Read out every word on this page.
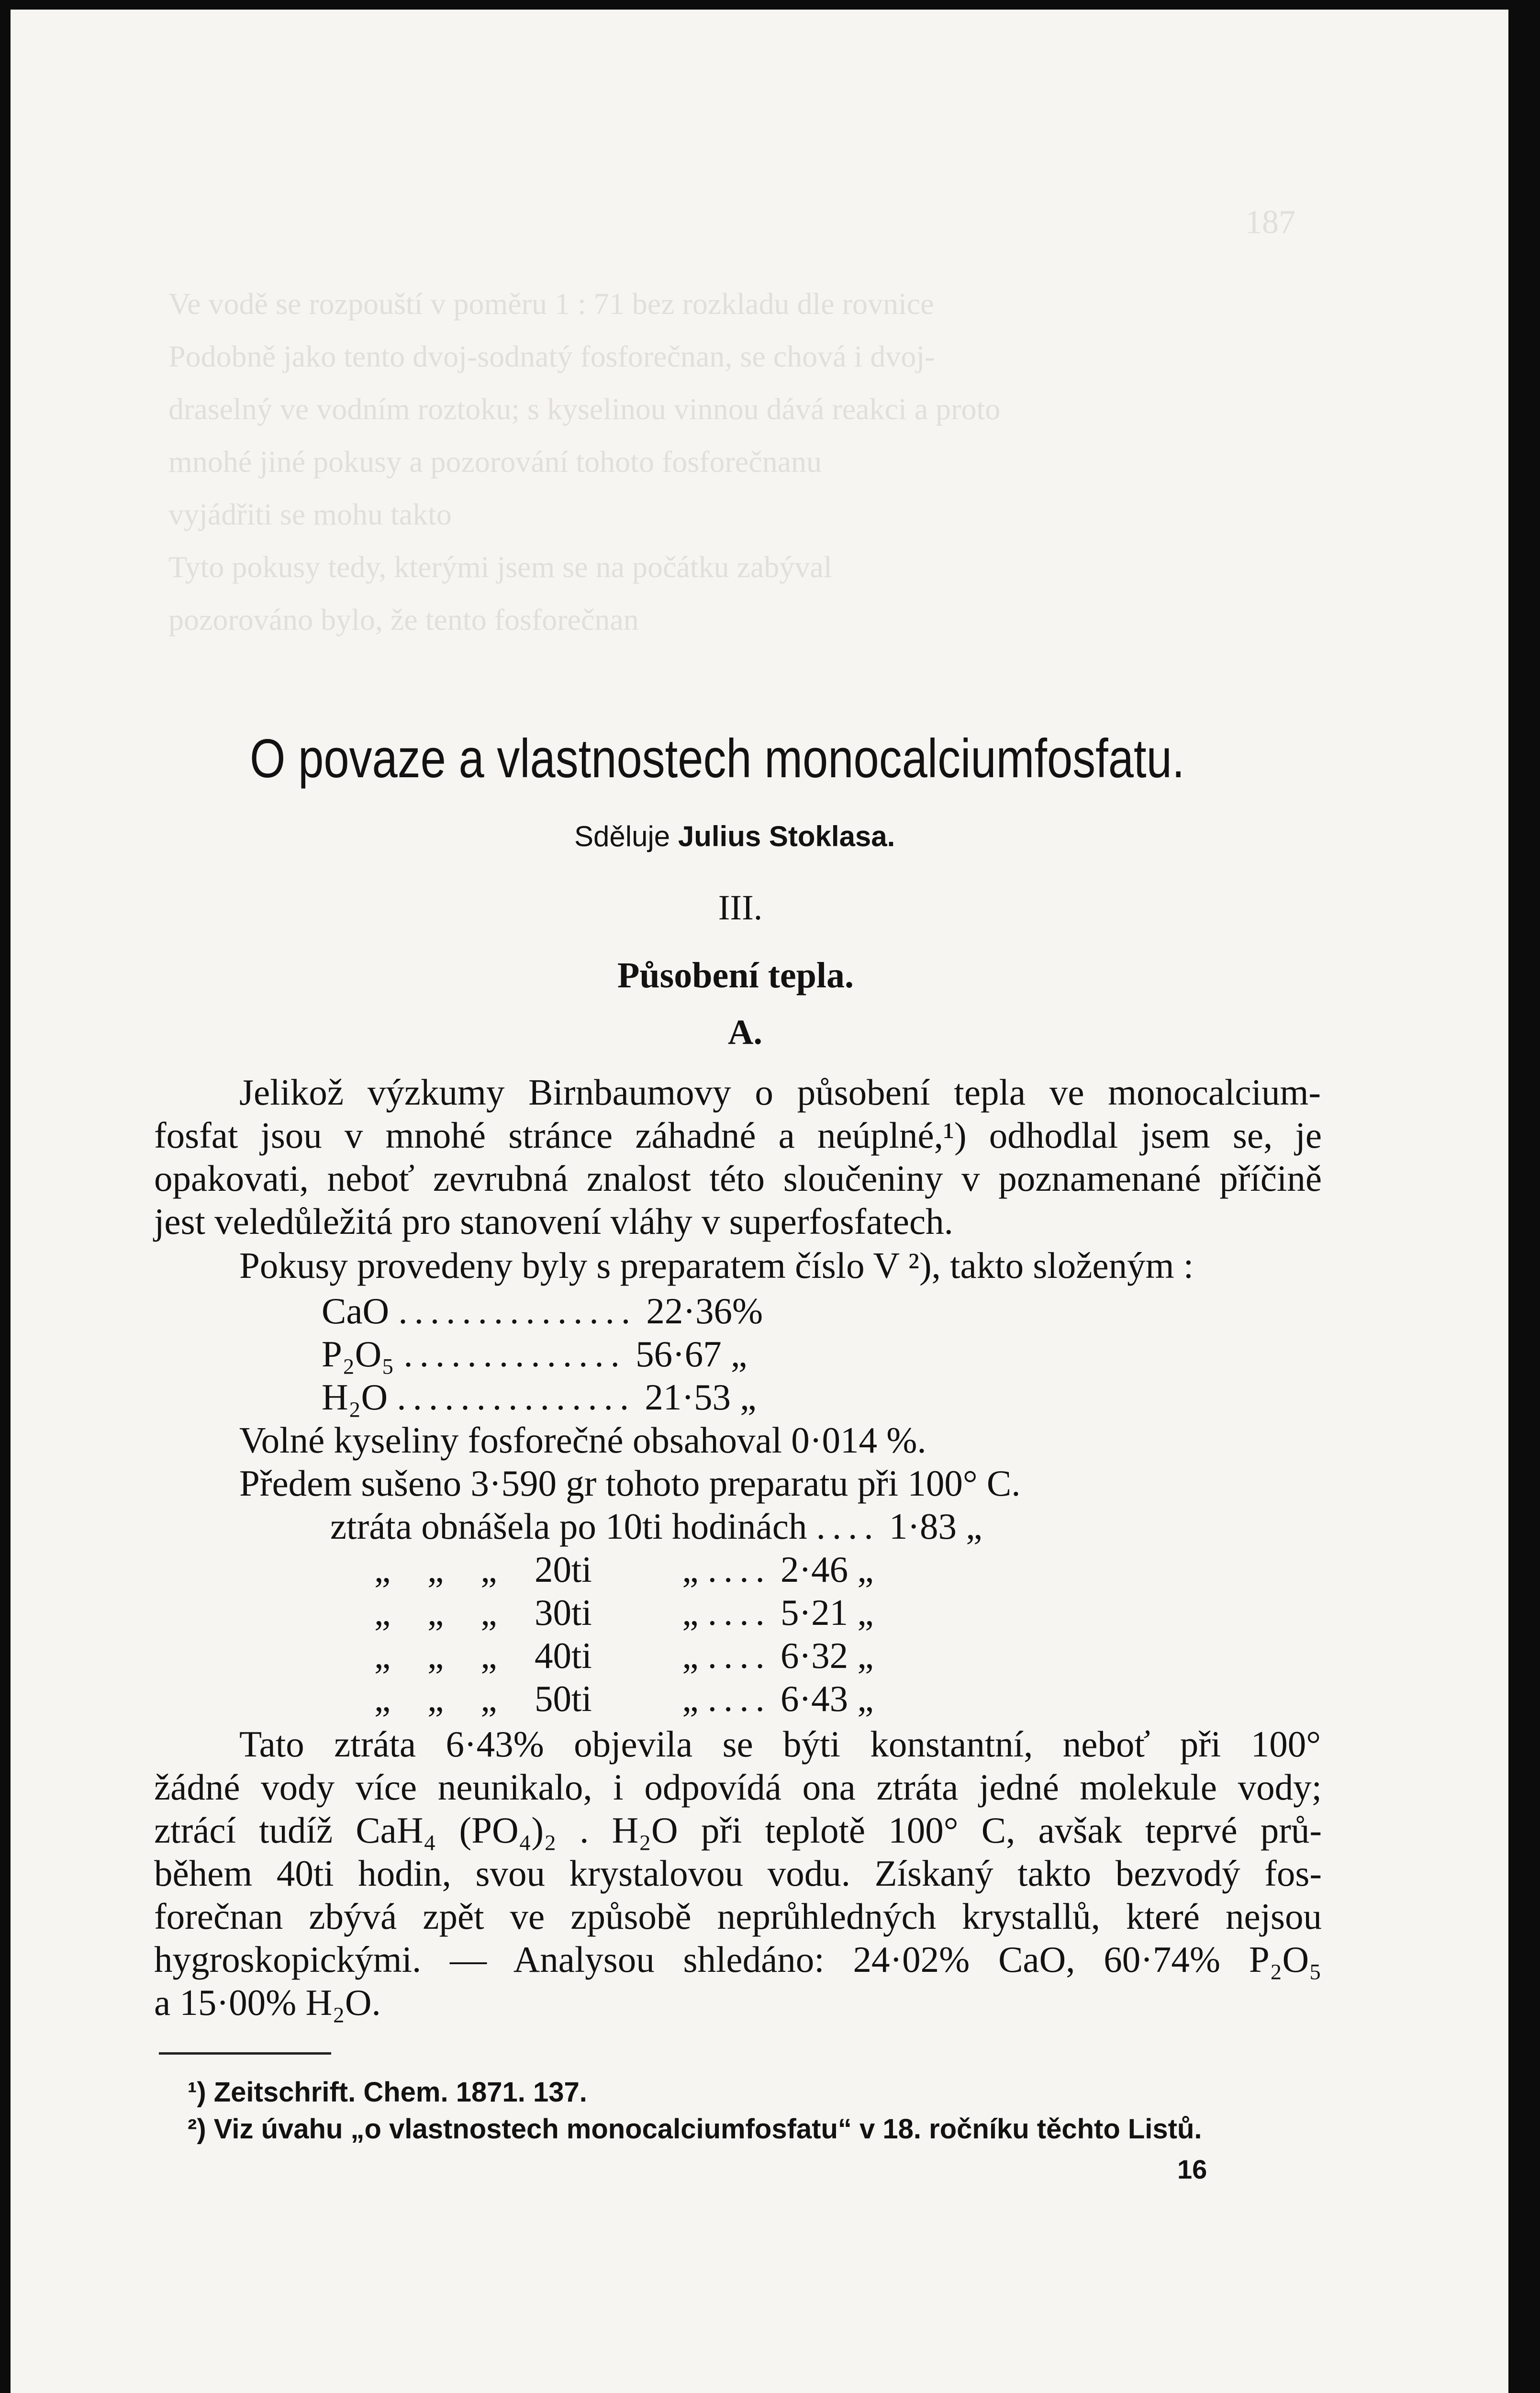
187
Ve vodě se rozpouští v poměru 1 : 71 bez rozkladu dle rovnice
Podobně jako tento dvoj-sodnatý fosforečnan, se chová i dvoj-
draselný ve vodním roztoku; s kyselinou vinnou dává reakci a proto
mnohé jiné pokusy a pozorování tohoto fosforečnanu
vyjádřiti se mohu takto
Tyto pokusy tedy, kterými jsem se na počátku zabýval
pozorováno bylo, že tento fosforečnan
O povaze a vlastnostech monocalciumfosfatu.
Sděluje Julius Stoklasa.
III.
Působení tepla.
A.
Jelikož výzkumy Birnbaumovy o působení tepla ve monocalcium-
fosfat jsou v mnohé stránce záhadné a neúplné,¹) odhodlal jsem se, je
opakovati, neboť zevrubná znalost této sloučeniny v poznamenané příčině
jest veledůležitá pro stanovení vláhy v superfosfatech.
Pokusy provedeny byly s preparatem číslo V ²), takto složeným :
CaO ............... 22·36%
P₂O₅ .............. 56·67 „
H₂O ............... 21·53 „
Volné kyseliny fosforečné obsahoval 0·014 %.
Předem sušeno 3·590 gr tohoto preparatu při 100° C.
ztráta obnášela po 10ti hodinách .... 1·83 „
„    „    „ 20ti „ .... 2·46 „
„    „    „ 30ti „ .... 5·21 „
„    „    „ 40ti „ .... 6·32 „
„    „    „ 50ti „ .... 6·43 „
Tato ztráta 6·43% objevila se býti konstantní, neboť při 100°
žádné vody více neunikalo, i odpovídá ona ztráta jedné molekule vody;
ztrácí tudíž CaH₄ (PO₄)₂ . H₂O při teplotě 100° C, avšak teprvé prů-
během 40ti hodin, svou krystalovou vodu. Získaný takto bezvodý fos-
forečnan zbývá zpět ve způsobě neprůhledných krystallů, které nejsou
hygroskopickými. — Analysou shledáno: 24·02% CaO, 60·74% P₂O₅
a 15·00% H₂O.
¹) Zeitschrift. Chem. 1871. 137.
²) Viz úvahu „o vlastnostech monocalciumfosfatu“ v 18. ročníku těchto Listů.
16
